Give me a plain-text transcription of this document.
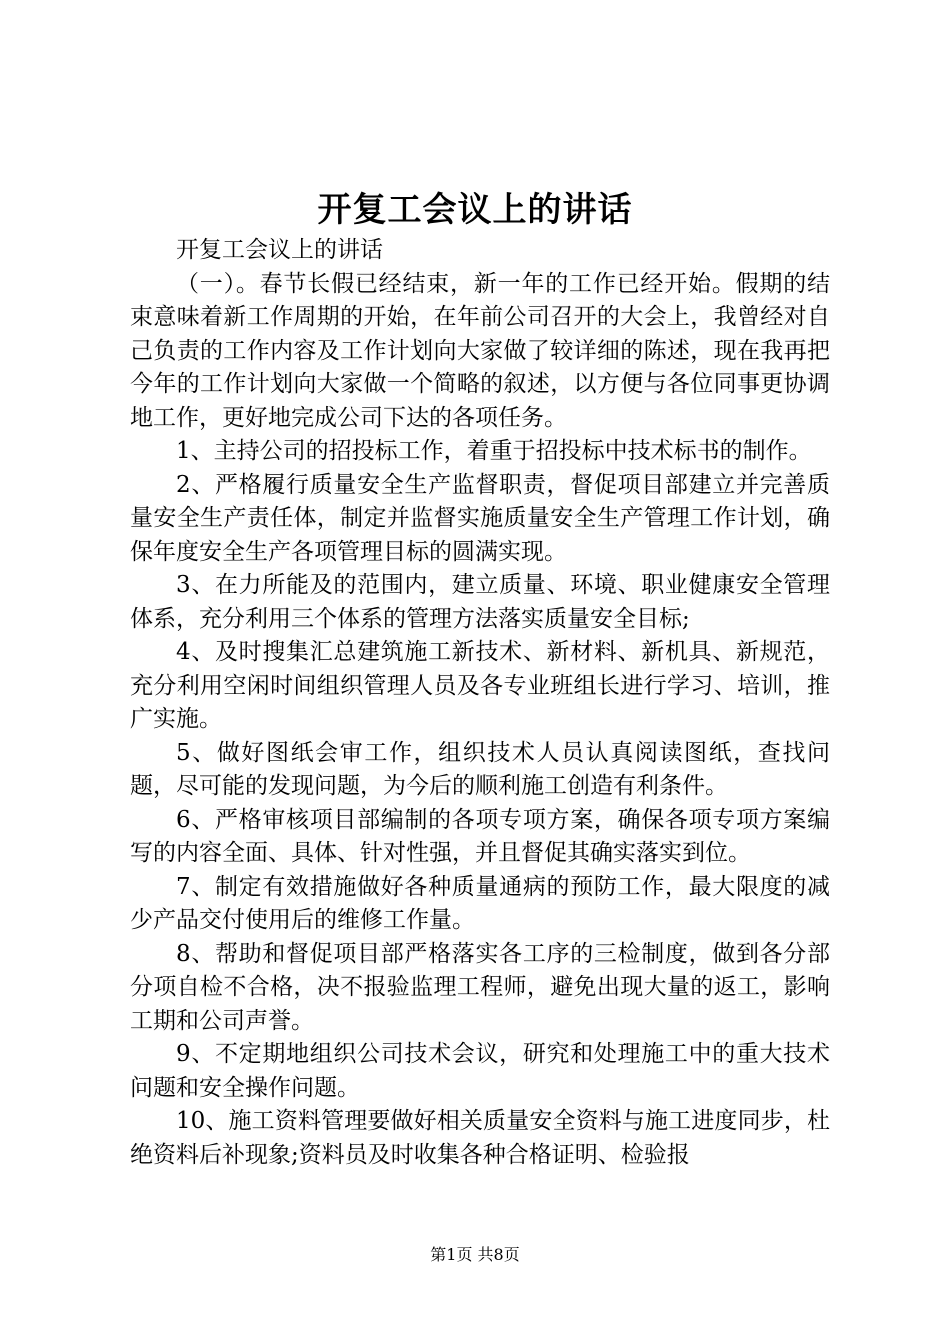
开复工会议上的讲话

开复工会议上的讲话

（一）。春节长假已经结束，新一年的工作已经开始。假期的结束意味着新工作周期的开始，在年前公司召开的大会上，我曾经对自己负责的工作内容及工作计划向大家做了较详细的陈述，现在我再把今年的工作计划向大家做一个简略的叙述，以方便与各位同事更协调地工作，更好地完成公司下达的各项任务。

1、主持公司的招投标工作，着重于招投标中技术标书的制作。

2、严格履行质量安全生产监督职责，督促项目部建立并完善质量安全生产责任体，制定并监督实施质量安全生产管理工作计划，确保年度安全生产各项管理目标的圆满实现。

3、在力所能及的范围内，建立质量、环境、职业健康安全管理体系，充分利用三个体系的管理方法落实质量安全目标;

4、及时搜集汇总建筑施工新技术、新材料、新机具、新规范，充分利用空闲时间组织管理人员及各专业班组长进行学习、培训，推广实施。

5、做好图纸会审工作，组织技术人员认真阅读图纸，查找问题，尽可能的发现问题，为今后的顺利施工创造有利条件。

6、严格审核项目部编制的各项专项方案，确保各项专项方案编写的内容全面、具体、针对性强，并且督促其确实落实到位。

7、制定有效措施做好各种质量通病的预防工作，最大限度的减少产品交付使用后的维修工作量。

8、帮助和督促项目部严格落实各工序的三检制度，做到各分部分项自检不合格，决不报验监理工程师，避免出现大量的返工，影响工期和公司声誉。

9、不定期地组织公司技术会议，研究和处理施工中的重大技术问题和安全操作问题。

10、施工资料管理要做好相关质量安全资料与施工进度同步，杜绝资料后补现象;资料员及时收集各种合格证明、检验报

第1页 共8页
